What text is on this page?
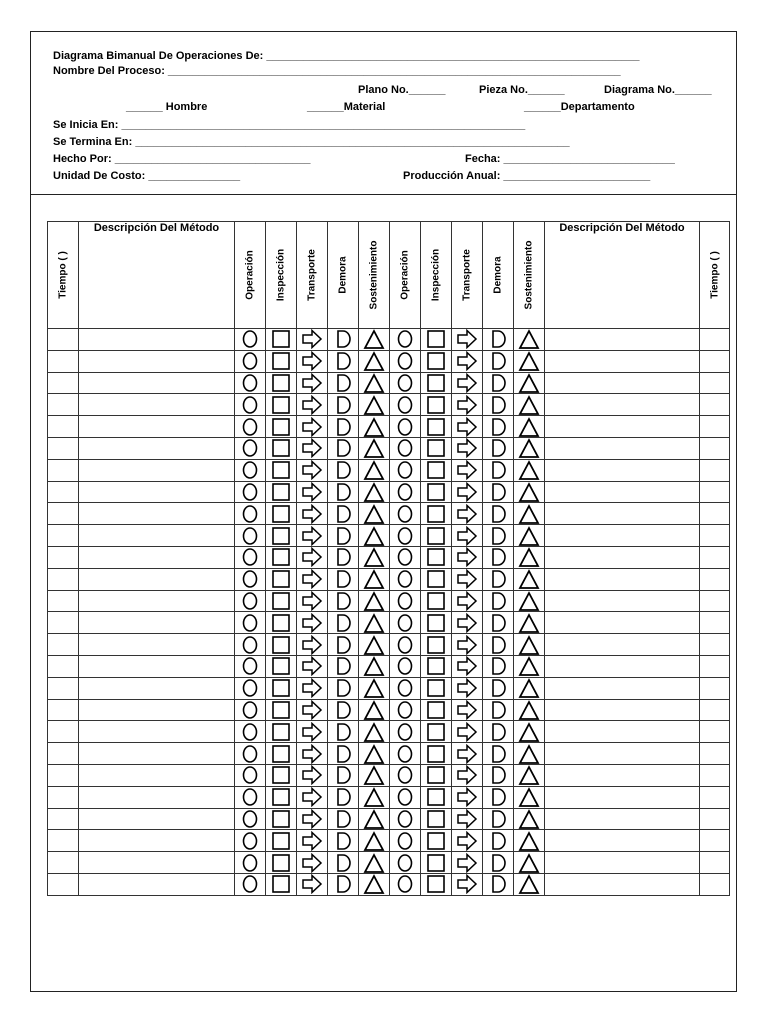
Diagrama Bimanual De Operaciones De: _____________________________________________________________
Nombre Del Proceso: __________________________________________________________________________
Plano No.______	Pieza No.______	Diagrama No.______
______ Hombre	______Material	______Departamento
Se Inicia En: __________________________________________________________________
Se Termina En: _______________________________________________________________________
Hecho Por: ________________________________	Fecha: ____________________________
Unidad De Costo: _______________	Producción Anual: ________________________
Tiempo ( )	Descripción Del Método	Operación	Inspección	Transporte	Demora	Sostenimiento	Operación	Inspección	Transporte	Demora	Sostenimiento	Descripción Del Método	Tiempo ( )
